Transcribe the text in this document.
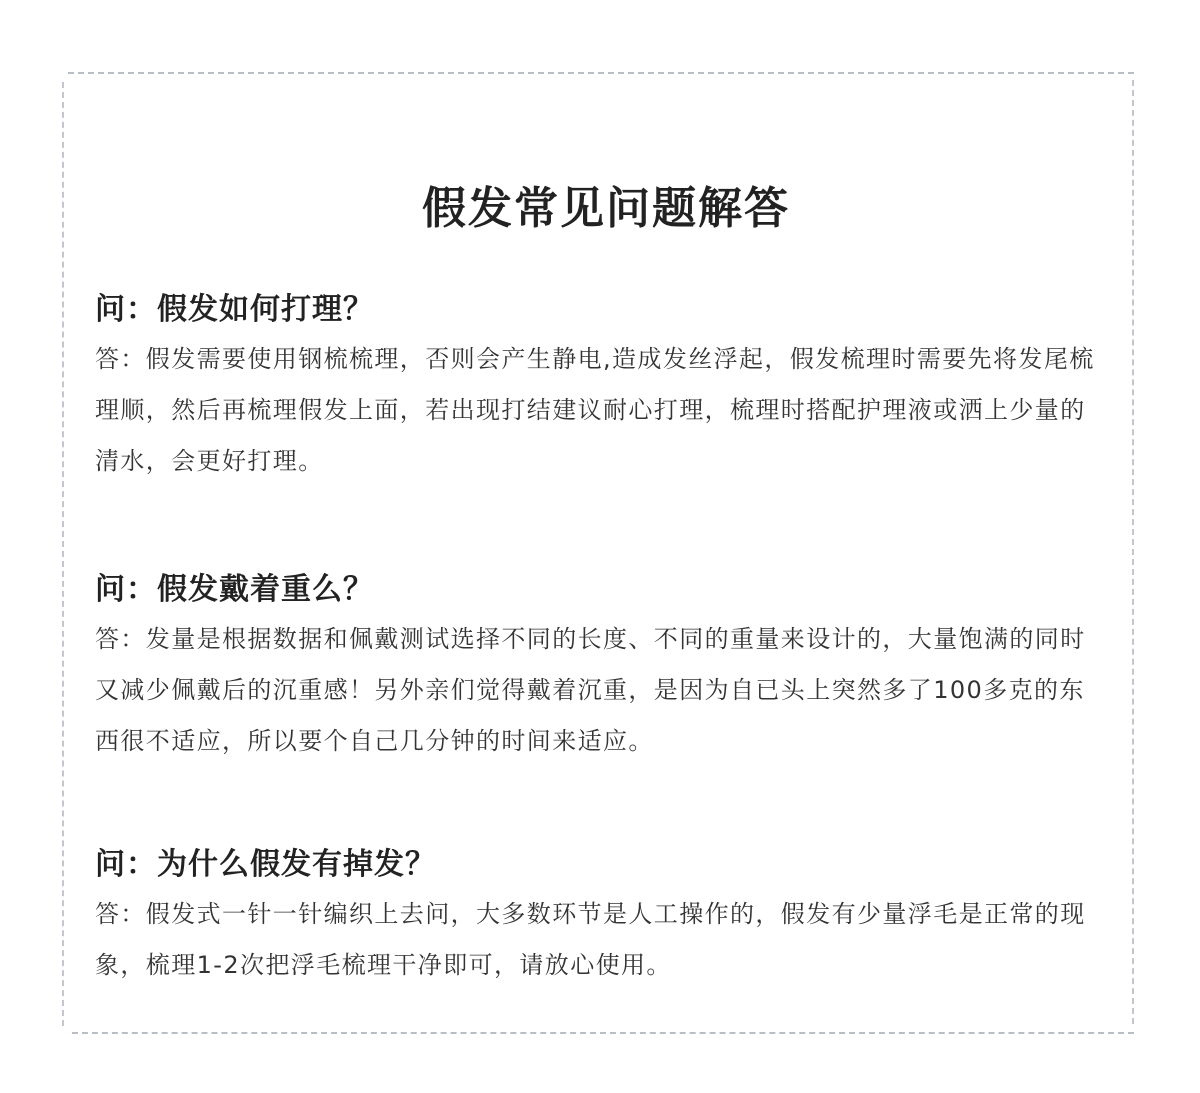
假发常见问题解答
问：假发如何打理？

答：假发需要使用钢梳梳理，否则会产生静电,造成发丝浮起，假发梳理时需要先将发尾梳理顺，然后再梳理假发上面，若出现打结建议耐心打理，梳理时搭配护理液或洒上少量的清水，会更好打理。

问：假发戴着重么？

答：发量是根据数据和佩戴测试选择不同的长度、不同的重量来设计的，大量饱满的同时又减少佩戴后的沉重感！另外亲们觉得戴着沉重，是因为自已头上突然多了100多克的东西很不适应，所以要个自己几分钟的时间来适应。

问：为什么假发有掉发？

答：假发式一针一针编织上去问，大多数环节是人工操作的，假发有少量浮毛是正常的现象，梳理1-2次把浮毛梳理干净即可，请放心使用。
